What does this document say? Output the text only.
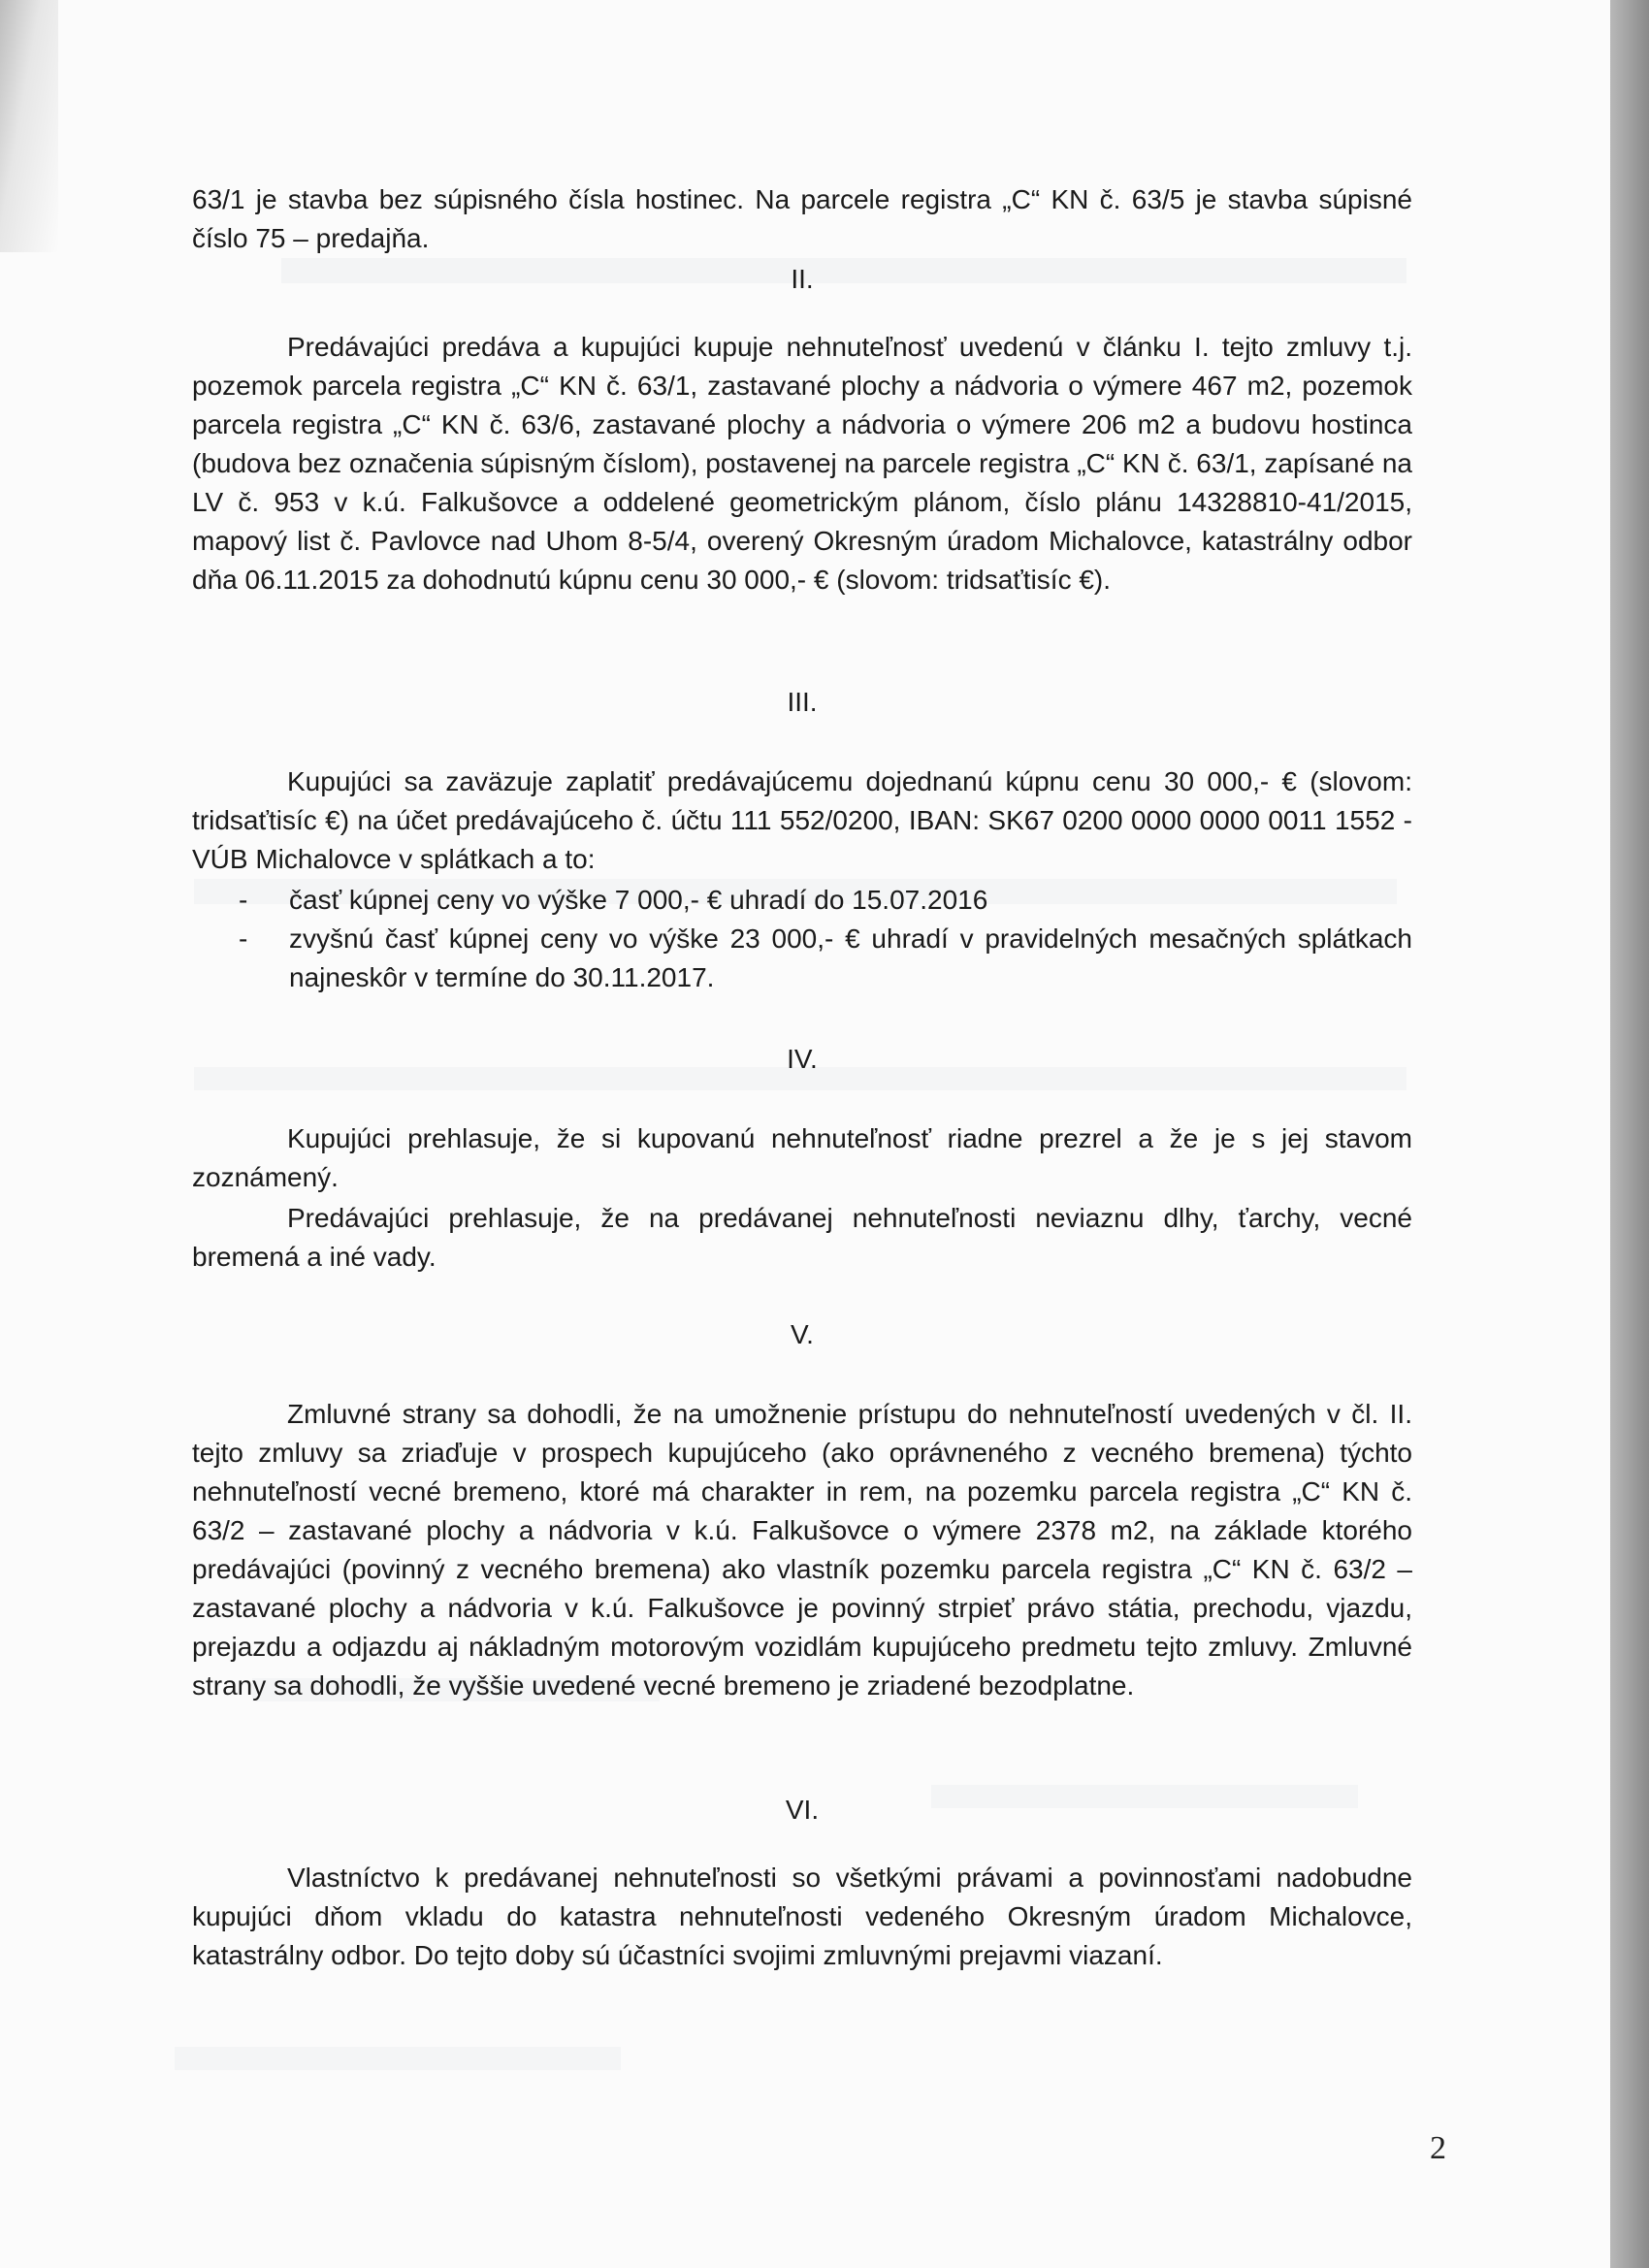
63/1 je stavba bez súpisného čísla hostinec. Na parcele registra „C“ KN č. 63/5 je stavba súpisné číslo 75 – predajňa.

II.

Predávajúci predáva a kupujúci kupuje nehnuteľnosť uvedenú v článku I. tejto zmluvy t.j. pozemok parcela registra „C“ KN č. 63/1, zastavané plochy a nádvoria o výmere 467 m2, pozemok parcela registra „C“ KN č. 63/6, zastavané plochy a nádvoria o výmere 206 m2 a budovu hostinca (budova bez označenia súpisným číslom), postavenej na parcele registra „C“ KN č. 63/1, zapísané na LV č. 953 v k.ú. Falkušovce a oddelené geometrickým plánom, číslo plánu 14328810-41/2015, mapový list č. Pavlovce nad Uhom 8-5/4, overený Okresným úradom Michalovce, katastrálny odbor dňa 06.11.2015 za dohodnutú kúpnu cenu 30 000,- € (slovom: tridsaťtisíc €).

III.

Kupujúci sa zaväzuje zaplatiť predávajúcemu dojednanú kúpnu cenu 30 000,- € (slovom: tridsaťtisíc €) na účet predávajúceho č. účtu 111 552/0200, IBAN: SK67 0200 0000 0000 0011 1552 - VÚB Michalovce v splátkach a to:

- časť kúpnej ceny vo výške 7 000,- € uhradí do 15.07.2016
- zvyšnú časť kúpnej ceny vo výške 23 000,- € uhradí v pravidelných mesačných splátkach najneskôr v termíne do 30.11.2017.
IV.

Kupujúci prehlasuje, že si kupovanú nehnuteľnosť riadne prezrel a že je s jej stavom zoznámený.

Predávajúci prehlasuje, že na predávanej nehnuteľnosti neviaznu dlhy, ťarchy, vecné bremená a iné vady.

V.

Zmluvné strany sa dohodli, že na umožnenie prístupu do nehnuteľností uvedených v čl. II. tejto zmluvy sa zriaďuje v prospech kupujúceho (ako oprávneného z vecného bremena) týchto nehnuteľností vecné bremeno, ktoré má charakter in rem, na pozemku parcela registra „C“ KN č. 63/2 – zastavané plochy a nádvoria v k.ú. Falkušovce o výmere 2378 m2, na základe ktorého predávajúci (povinný z vecného bremena) ako vlastník pozemku parcela registra „C“ KN č. 63/2 – zastavané plochy a nádvoria v k.ú. Falkušovce je povinný strpieť právo státia, prechodu, vjazdu, prejazdu a odjazdu aj nákladným motorovým vozidlám kupujúceho predmetu tejto zmluvy. Zmluvné strany sa dohodli, že vyššie uvedené vecné bremeno je zriadené bezodplatne.

VI.

Vlastníctvo k predávanej nehnuteľnosti so všetkými právami a povinnosťami nadobudne kupujúci dňom vkladu do katastra nehnuteľnosti vedeného Okresným úradom Michalovce, katastrálny odbor. Do tejto doby sú účastníci svojimi zmluvnými prejavmi viazaní.

2
